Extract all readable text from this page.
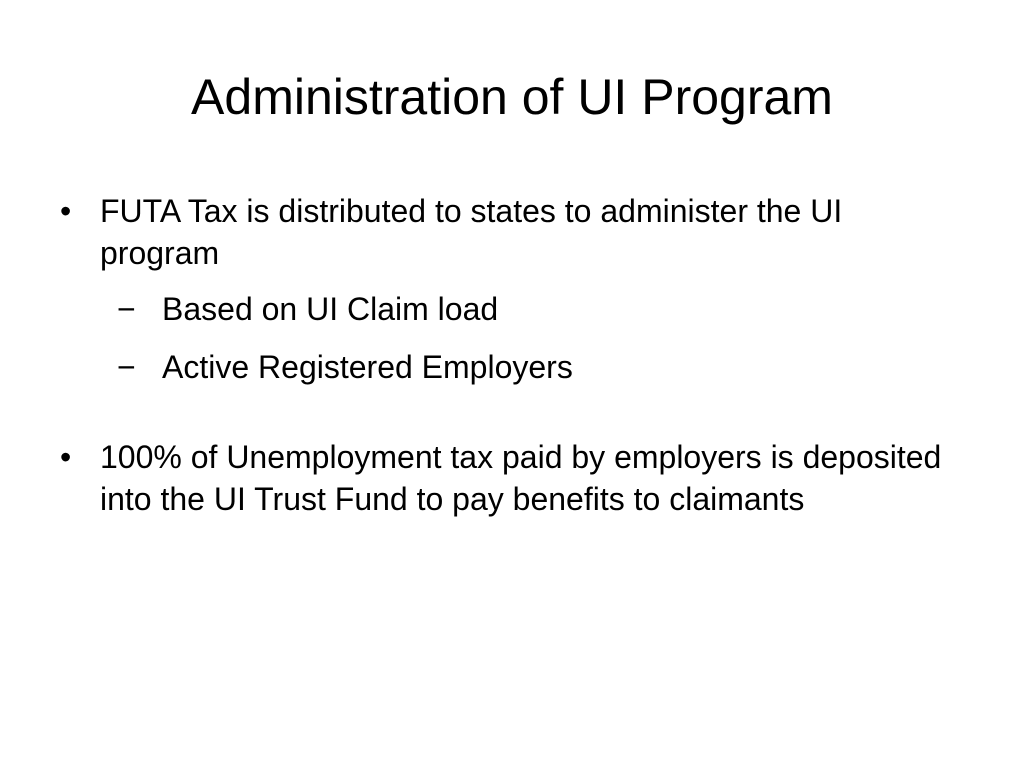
Administration of UI Program
• FUTA Tax is distributed to states to administer the UI program
− Based on UI Claim load
− Active Registered Employers
• 100% of Unemployment tax paid by employers is deposited into the UI Trust Fund to pay benefits to claimants
